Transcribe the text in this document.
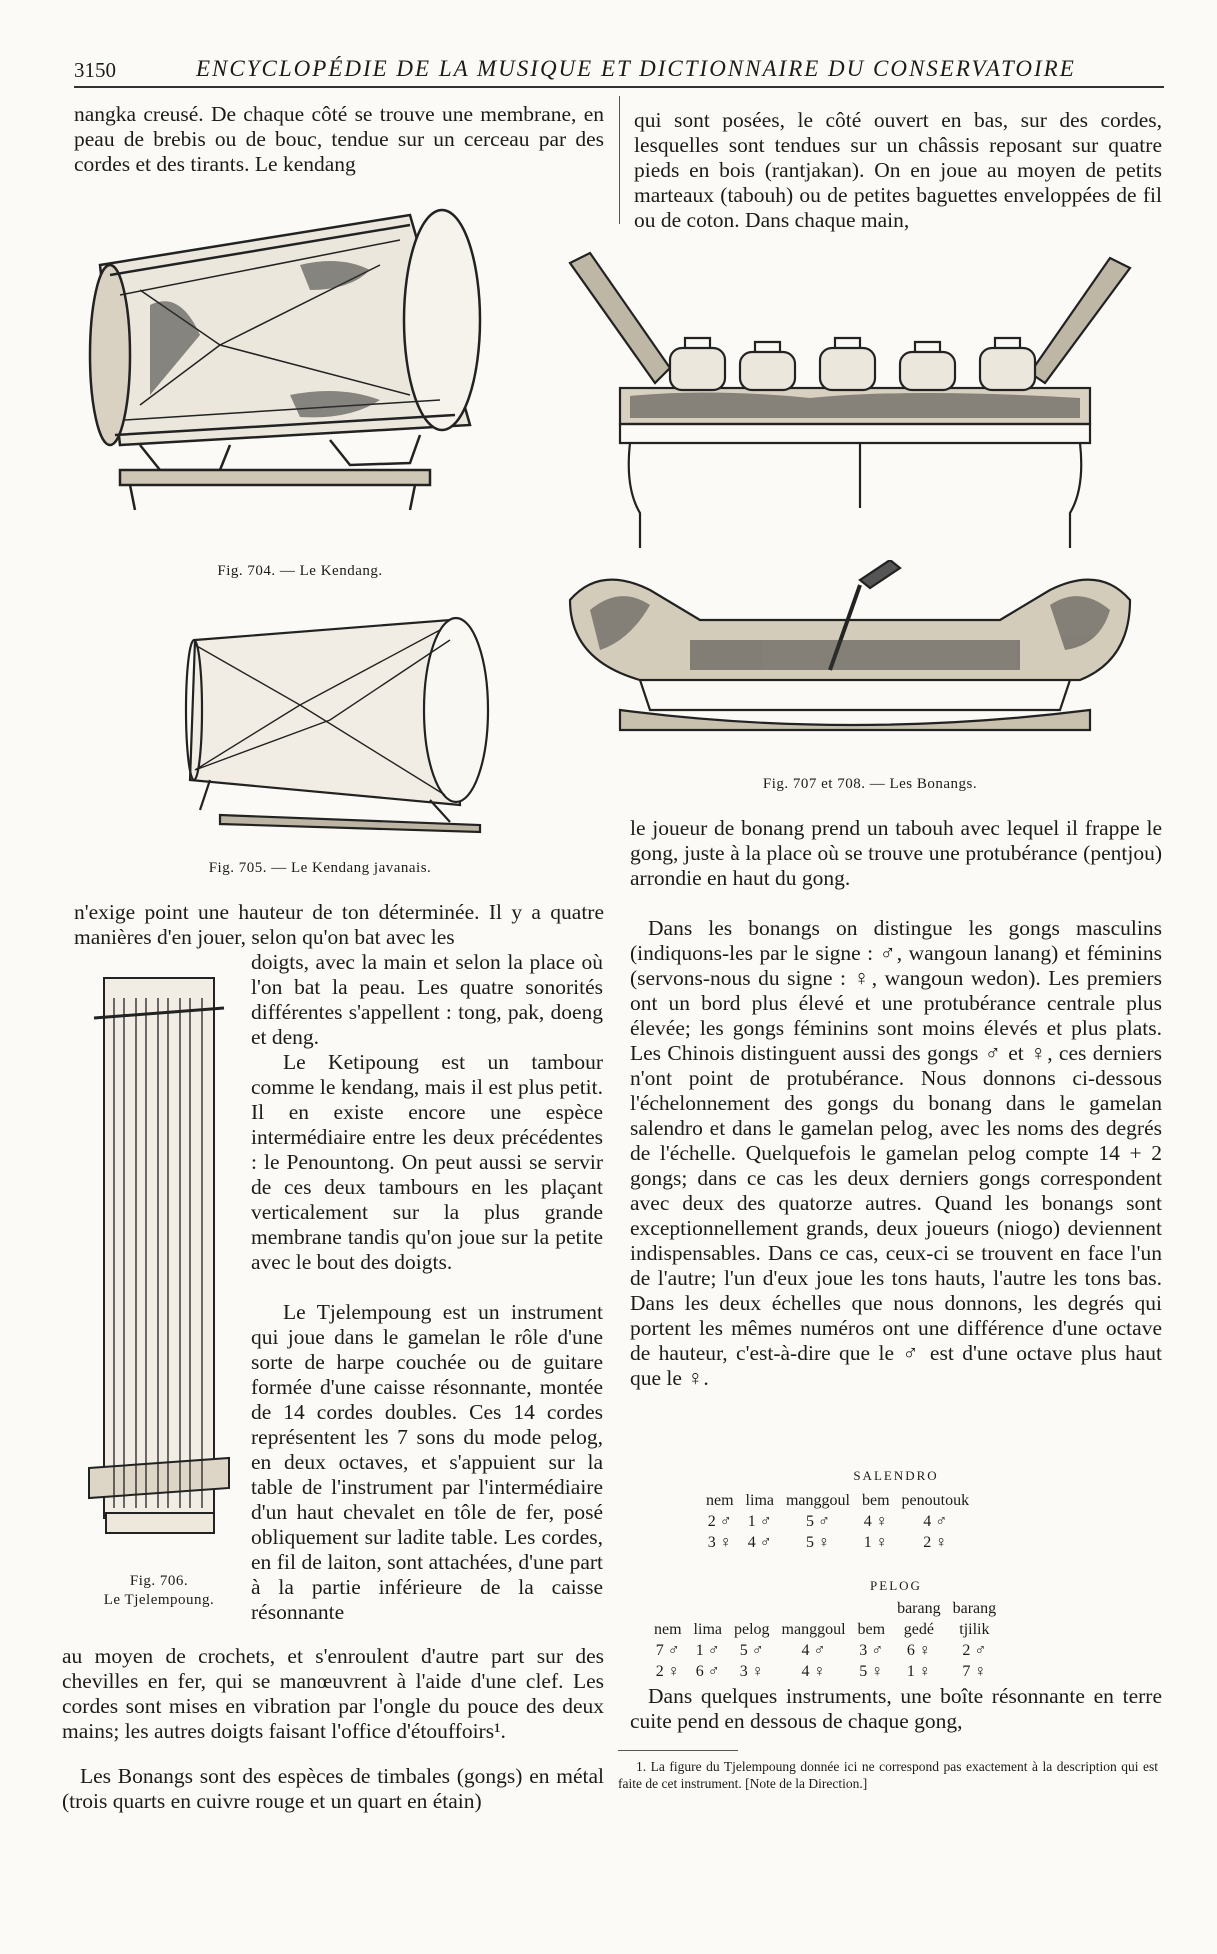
3150	ENCYCLOPÉDIE DE LA MUSIQUE ET DICTIONNAIRE DU CONSERVATOIRE

nangka creusé. De chaque côté se trouve une membrane, en peau de brebis ou de bouc, tendue sur un cerceau par des cordes et des tirants. Le kendang

qui sont posées, le côté ouvert en bas, sur des cordes, lesquelles sont tendues sur un châssis reposant sur quatre pieds en bois (rantjakan). On en joue au moyen de petits marteaux (tabouh) ou de petites baguettes enveloppées de fil ou de coton. Dans chaque main,

Fig. 704. — Le Kendang.
Fig. 705. — Le Kendang javanais.
Fig. 707 et 708. — Les Bonangs.

n'exige point une hauteur de ton déterminée. Il y a quatre manières d'en jouer, selon qu'on bat avec les

doigts, avec la main et selon la place où l'on bat la peau. Les quatre sonorités différentes s'appellent : tong, pak, doeng et deng.

Le Ketipoung est un tambour comme le kendang, mais il est plus petit. Il en existe encore une espèce intermédiaire entre les deux précédentes : le Penountong. On peut aussi se servir de ces deux tambours en les plaçant verticalement sur la plus grande membrane tandis qu'on joue sur la petite avec le bout des doigts.

Le Tjelempoung est un instrument qui joue dans le gamelan le rôle d'une sorte de harpe couchée ou de guitare formée d'une caisse résonnante, montée de 14 cordes doubles. Ces 14 cordes représentent les 7 sons du mode pelog, en deux octaves, et s'appuient sur la table de l'instrument par l'intermédiaire d'un haut chevalet en tôle de fer, posé obliquement sur ladite table. Les cordes, en fil de laiton, sont attachées, d'une part à la partie inférieure de la caisse résonnante

Fig. 706.
Le Tjelempoung.

au moyen de crochets, et s'enroulent d'autre part sur des chevilles en fer, qui se manœuvrent à l'aide d'une clef. Les cordes sont mises en vibration par l'ongle du pouce des deux mains; les autres doigts faisant l'office d'étouffoirs¹.

Les Bonangs sont des espèces de timbales (gongs) en métal (trois quarts en cuivre rouge et un quart en étain)

le joueur de bonang prend un tabouh avec lequel il frappe le gong, juste à la place où se trouve une protubérance (pentjou) arrondie en haut du gong.

Dans les bonangs on distingue les gongs masculins (indiquons-les par le signe : ♂, wangoun lanang) et féminins (servons-nous du signe : ♀, wangoun wedon). Les premiers ont un bord plus élevé et une protubérance centrale plus élevée; les gongs féminins sont moins élevés et plus plats. Les Chinois distinguent aussi des gongs ♂ et ♀, ces derniers n'ont point de protubérance. Nous donnons ci-dessous l'échelonnement des gongs du bonang dans le gamelan salendro et dans le gamelan pelog, avec les noms des degrés de l'échelle. Quelquefois le gamelan pelog compte 14 + 2 gongs; dans ce cas les deux derniers gongs correspondent avec deux des quatorze autres. Quand les bonangs sont exceptionnellement grands, deux joueurs (niogo) deviennent indispensables. Dans ce cas, ceux-ci se trouvent en face l'un de l'autre; l'un d'eux joue les tons hauts, l'autre les tons bas. Dans les deux échelles que nous donnons, les degrés qui portent les mêmes numéros ont une différence d'une octave de hauteur, c'est-à-dire que le ♂ est d'une octave plus haut que le ♀.

SALENDRO
nem	lima	manggoul	bem	penoutouk
2 ♂	1 ♂	5 ♂	4 ♀	4 ♂
3 ♀	4 ♂	5 ♀	1 ♀	2 ♀
PELOG
					barang	barang
nem	lima	pelog	manggoul	bem	gedé	tjilik
7 ♂	1 ♂	5 ♂	4 ♂	3 ♂	6 ♀	2 ♂
2 ♀	6 ♂	3 ♀	4 ♀	5 ♀	1 ♀	7 ♀

Dans quelques instruments, une boîte résonnante en terre cuite pend en dessous de chaque gong,

1. La figure du Tjelempoung donnée ici ne correspond pas exactement à la description qui est faite de cet instrument. [Note de la Direction.]
